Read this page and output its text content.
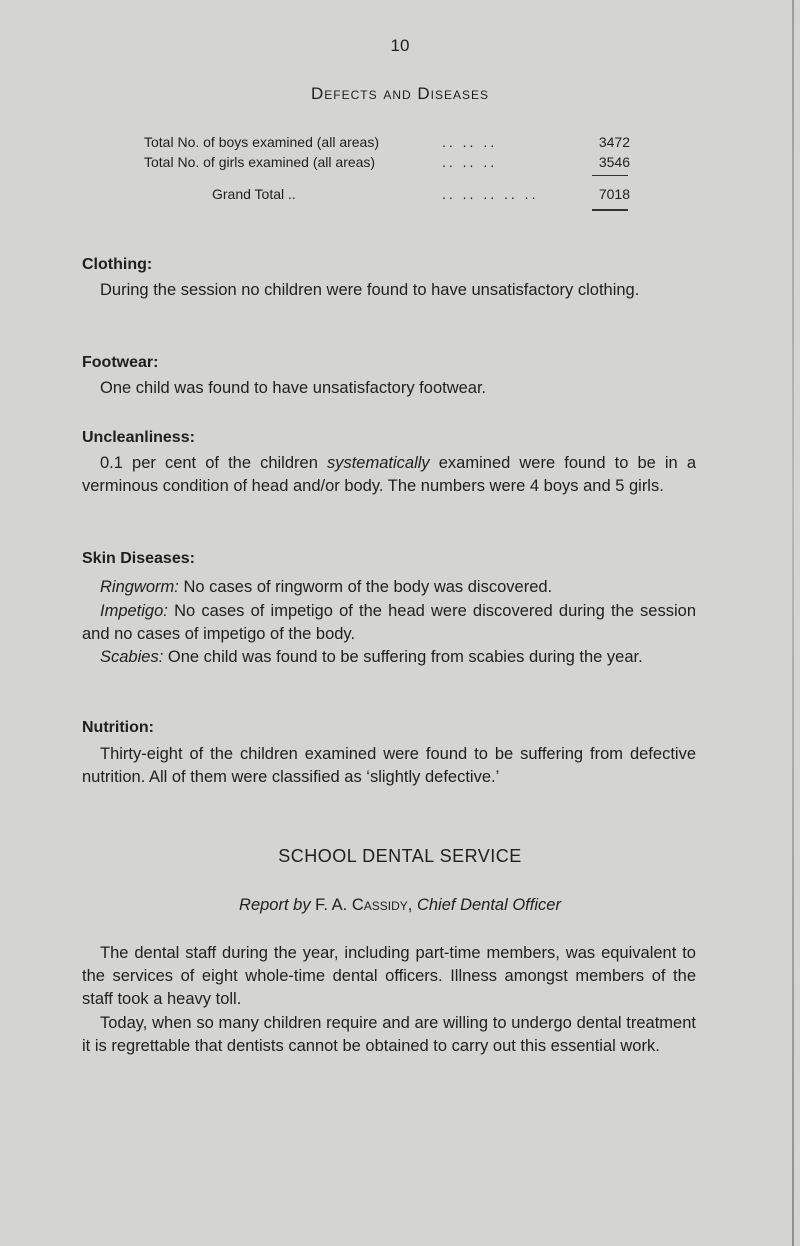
10
Defects and Diseases
Total No. of boys examined (all areas)	.. .. ..	3472
Total No. of girls examined (all areas)	.. .. ..	3546
Grand Total ..	.. .. .. .. ..	7018
Clothing:
During the session no children were found to have unsatisfactory clothing.
Footwear:
One child was found to have unsatisfactory footwear.
Uncleanliness:
0.1 per cent of the children systematically examined were found to be in a verminous condition of head and/or body. The numbers were 4 boys and 5 girls.
Skin Diseases:
Ringworm: No cases of ringworm of the body was discovered.
Impetigo: No cases of impetigo of the head were discovered during the session and no cases of impetigo of the body.
Scabies: One child was found to be suffering from scabies during the year.
Nutrition:
Thirty-eight of the children examined were found to be suffering from defective nutrition. All of them were classified as ‘slightly defective.’
SCHOOL DENTAL SERVICE
Report by F. A. Cassidy, Chief Dental Officer
The dental staff during the year, including part-time members, was equivalent to the services of eight whole-time dental officers. Illness amongst members of the staff took a heavy toll.
Today, when so many children require and are willing to undergo dental treatment it is regrettable that dentists cannot be obtained to carry out this essential work.
